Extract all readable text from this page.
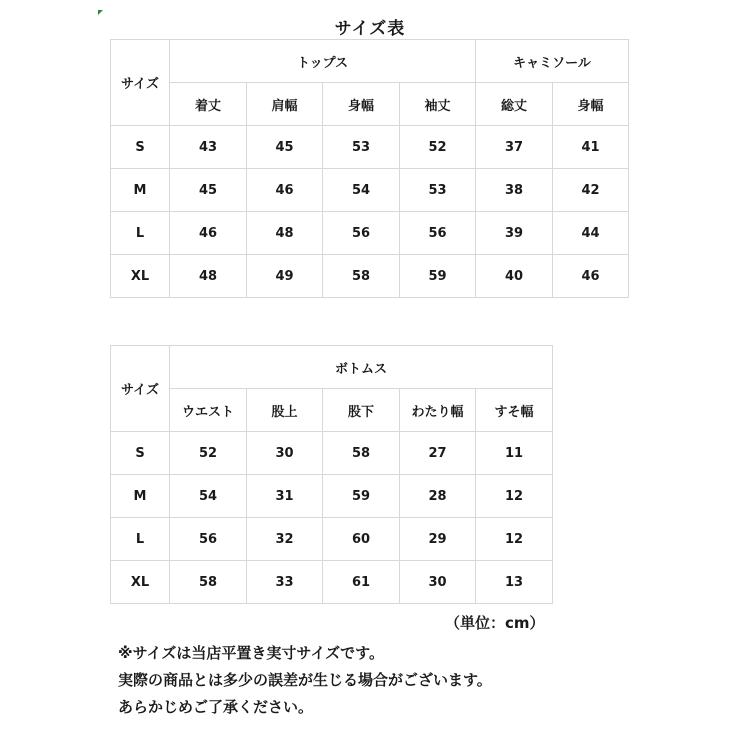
サイズ表
サイズ	トップス				キャミソール	
	着丈	肩幅	身幅	袖丈	総丈	身幅
S	43	45	53	52	37	41
M	45	46	54	53	38	42
L	46	48	56	56	39	44
XL	48	49	58	59	40	46
サイズ	ボトムス				
	ウエスト	股上	股下	わたり幅	すそ幅
S	52	30	58	27	11
M	54	31	59	28	12
L	56	32	60	29	12
XL	58	33	61	30	13
（単位：cm）
※サイズは当店平置き実寸サイズです。
実際の商品とは多少の誤差が生じる場合がございます。
あらかじめご了承ください。
